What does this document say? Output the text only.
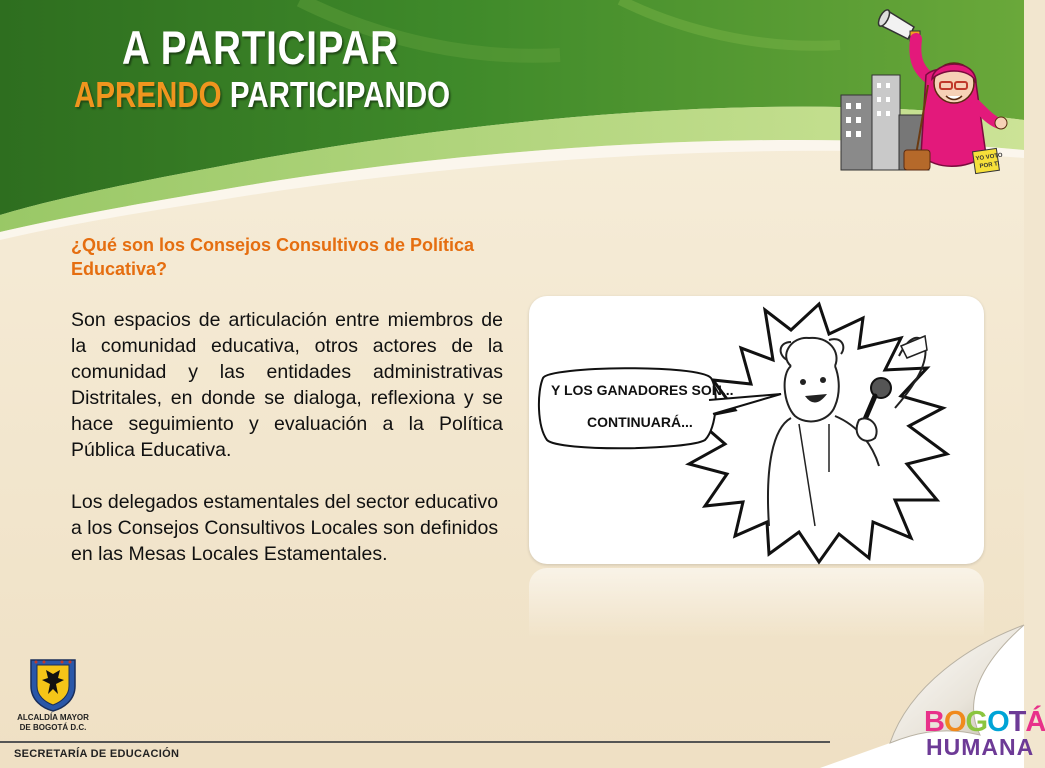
A PARTICIPAR
APRENDO PARTICIPANDO
YO VOTO
POR TI

¿Qué son los Consejos Consultivos de Política Educativa?

Son espacios de articulación entre miembros de la comunidad educativa, otros actores de la comunidad y las entidades administrativas Distritales, en donde se dialoga, reflexiona y se hace seguimiento y evaluación a la Política Pública Educativa.

Los delegados estamentales del sector educativo a los Consejos Consultivos Locales son definidos en las Mesas Locales Estamentales.

Y LOS GANADORES SON...
CONTINUARÁ...
ALCALDÍA MAYOR
DE BOGOTÁ D.C.
SECRETARÍA DE EDUCACIÓN
BOGOTÁ
HUMANA
